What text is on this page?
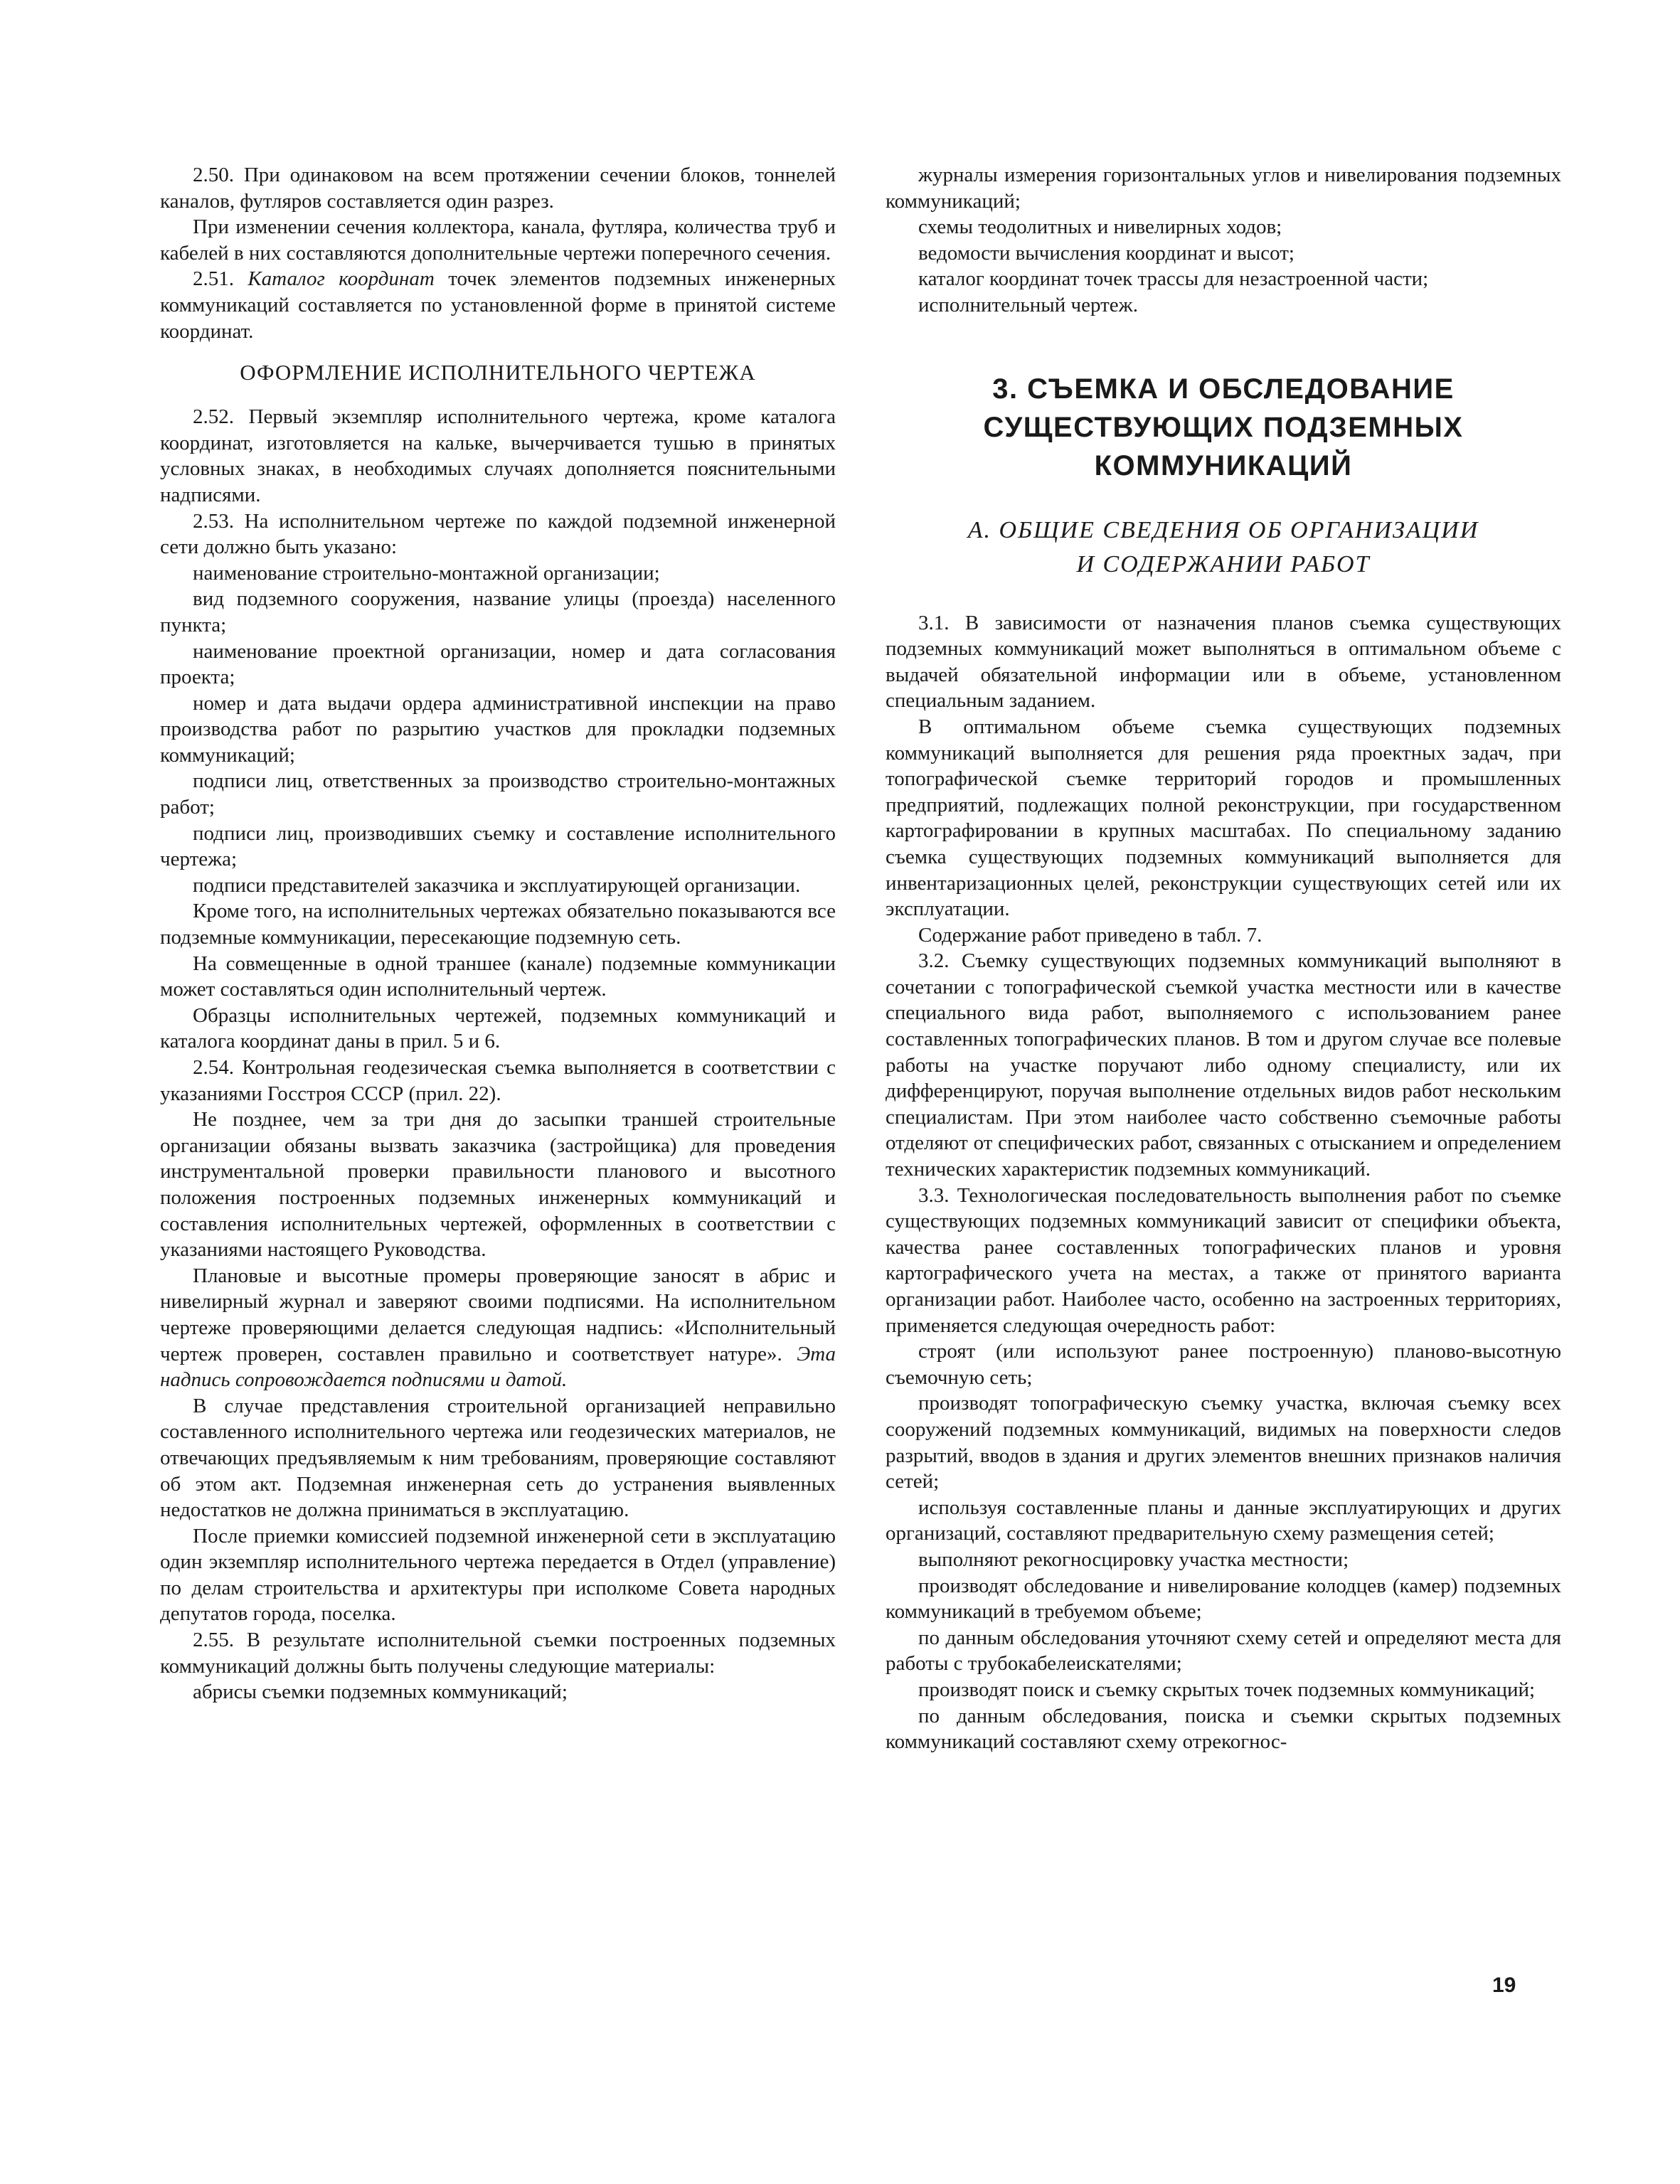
2.50. При одинаковом на всем протяжении сечении блоков, тоннелей каналов, футляров составляется один разрез.

При изменении сечения коллектора, канала, футляра, количества труб и кабелей в них составляются дополнительные чертежи поперечного сечения.

2.51. Каталог координат точек элементов подземных инженерных коммуникаций составляется по установленной форме в принятой системе координат.

ОФОРМЛЕНИЕ ИСПОЛНИТЕЛЬНОГО ЧЕРТЕЖА

2.52. Первый экземпляр исполнительного чертежа, кроме каталога координат, изготовляется на кальке, вычерчивается тушью в принятых условных знаках, в необходимых случаях дополняется пояснительными надписями.

2.53. На исполнительном чертеже по каждой подземной инженерной сети должно быть указано:

наименование строительно-монтажной организации;

вид подземного сооружения, название улицы (проезда) населенного пункта;

наименование проектной организации, номер и дата согласования проекта;

номер и дата выдачи ордера административной инспекции на право производства работ по разрытию участков для прокладки подземных коммуникаций;

подписи лиц, ответственных за производство строительно-монтажных работ;

подписи лиц, производивших съемку и составление исполнительного чертежа;

подписи представителей заказчика и эксплуатирующей организации.

Кроме того, на исполнительных чертежах обязательно показываются все подземные коммуникации, пересекающие подземную сеть.

На совмещенные в одной траншее (канале) подземные коммуникации может составляться один исполнительный чертеж.

Образцы исполнительных чертежей, подземных коммуникаций и каталога координат даны в прил. 5 и 6.

2.54. Контрольная геодезическая съемка выполняется в соответствии с указаниями Госстроя СССР (прил. 22).

Не позднее, чем за три дня до засыпки траншей строительные организации обязаны вызвать заказчика (застройщика) для проведения инструментальной проверки правильности планового и высотного положения построенных подземных инженерных коммуникаций и составления исполнительных чертежей, оформленных в соответствии с указаниями настоящего Руководства.

Плановые и высотные промеры проверяющие заносят в абрис и нивелирный журнал и заверяют своими подписями. На исполнительном чертеже проверяющими делается следующая надпись: «Исполнительный чертеж проверен, составлен правильно и соответствует натуре». Эта надпись сопровождается подписями и датой.

В случае представления строительной организацией неправильно составленного исполнительного чертежа или геодезических материалов, не отвечающих предъявляемым к ним требованиям, проверяющие составляют об этом акт. Подземная инженерная сеть до устранения выявленных недостатков не должна приниматься в эксплуатацию.

После приемки комиссией подземной инженерной сети в эксплуатацию один экземпляр исполнительного чертежа передается в Отдел (управление) по делам строительства и архитектуры при исполкоме Совета народных депутатов города, поселка.

2.55. В результате исполнительной съемки построенных подземных коммуникаций должны быть получены следующие материалы:

абрисы съемки подземных коммуникаций;

журналы измерения горизонтальных углов и нивелирования подземных коммуникаций;

схемы теодолитных и нивелирных ходов;

ведомости вычисления координат и высот;

каталог координат точек трассы для незастроенной части;

исполнительный чертеж.

3. СЪЕМКА И ОБСЛЕДОВАНИЕ
СУЩЕСТВУЮЩИХ ПОДЗЕМНЫХ
КОММУНИКАЦИЙ
А. ОБЩИЕ СВЕДЕНИЯ ОБ ОРГАНИЗАЦИИ
И СОДЕРЖАНИИ РАБОТ

3.1. В зависимости от назначения планов съемка существующих подземных коммуникаций может выполняться в оптимальном объеме с выдачей обязательной информации или в объеме, установленном специальным заданием.

В оптимальном объеме съемка существующих подземных коммуникаций выполняется для решения ряда проектных задач, при топографической съемке территорий городов и промышленных предприятий, подлежащих полной реконструкции, при государственном картографировании в крупных масштабах. По специальному заданию съемка существующих подземных коммуникаций выполняется для инвентаризационных целей, реконструкции существующих сетей или их эксплуатации.

Содержание работ приведено в табл. 7.

3.2. Съемку существующих подземных коммуникаций выполняют в сочетании с топографической съемкой участка местности или в качестве специального вида работ, выполняемого с использованием ранее составленных топографических планов. В том и другом случае все полевые работы на участке поручают либо одному специалисту, или их дифференцируют, поручая выполнение отдельных видов работ нескольким специалистам. При этом наиболее часто собственно съемочные работы отделяют от специфических работ, связанных с отысканием и определением технических характеристик подземных коммуникаций.

3.3. Технологическая последовательность выполнения работ по съемке существующих подземных коммуникаций зависит от специфики объекта, качества ранее составленных топографических планов и уровня картографического учета на местах, а также от принятого варианта организации работ. Наиболее часто, особенно на застроенных территориях, применяется следующая очередность работ:

строят (или используют ранее построенную) планово-высотную съемочную сеть;

производят топографическую съемку участка, включая съемку всех сооружений подземных коммуникаций, видимых на поверхности следов разрытий, вводов в здания и других элементов внешних признаков наличия сетей;

используя составленные планы и данные эксплуатирующих и других организаций, составляют предварительную схему размещения сетей;

выполняют рекогносцировку участка местности;

производят обследование и нивелирование колодцев (камер) подземных коммуникаций в требуемом объеме;

по данным обследования уточняют схему сетей и определяют места для работы с трубокабелеискателями;

производят поиск и съемку скрытых точек подземных коммуникаций;

по данным обследования, поиска и съемки скрытых подземных коммуникаций составляют схему отрекогнос-

19
